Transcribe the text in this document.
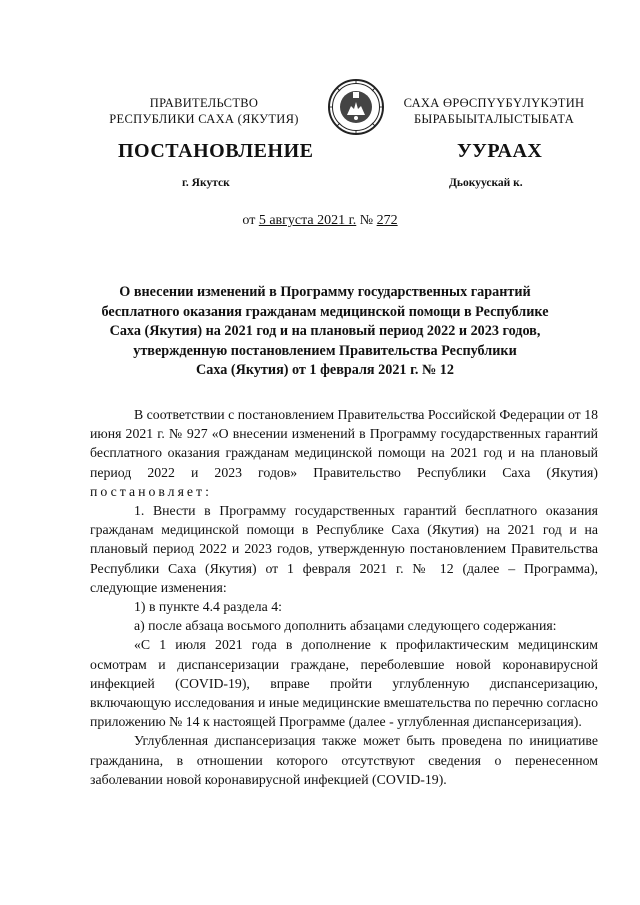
ПРАВИТЕЛЬСТВО
РЕСПУБЛИКИ САХА (ЯКУТИЯ)
САХА ӨРӨСПҮҮБҮЛҮКЭТИН
БЫРАБЫЫТАЛЫСТЫБАТА
ПОСТАНОВЛЕНИЕ	УУРААХ
г. Якутск	Дьокуускай к.
от 5 августа 2021 г. № 272
О внесении изменений в Программу государственных гарантий
бесплатного оказания гражданам медицинской помощи в Республике
Саха (Якутия) на 2021 год и на плановый период 2022 и 2023 годов,
утвержденную постановлением Правительства Республики
Саха (Якутия) от 1 февраля 2021 г. № 12

В соответствии с постановлением Правительства Российской Федерации от 18 июня 2021 г. № 927 «О внесении изменений в Программу государственных гарантий бесплатного оказания гражданам медицинской помощи на 2021 год и на плановый период 2022 и 2023 годов» Правительство Республики Саха (Якутия) постановляет:

1. Внести в Программу государственных гарантий бесплатного оказания гражданам медицинской помощи в Республике Саха (Якутия) на 2021 год и на плановый период 2022 и 2023 годов, утвержденную постановлением Правительства Республики Саха (Якутия) от 1 февраля 2021 г. № 12 (далее – Программа), следующие изменения:

1) в пункте 4.4 раздела 4:

а) после абзаца восьмого дополнить абзацами следующего содержания:

«С 1 июля 2021 года в дополнение к профилактическим медицинским осмотрам и диспансеризации граждане, переболевшие новой коронавирусной инфекцией (COVID-19), вправе пройти углубленную диспансеризацию, включающую исследования и иные медицинские вмешательства по перечню согласно приложению № 14 к настоящей Программе (далее - углубленная диспансеризация).

Углубленная диспансеризация также может быть проведена по инициативе гражданина, в отношении которого отсутствуют сведения о перенесенном заболевании новой коронавирусной инфекцией (COVID-19).
